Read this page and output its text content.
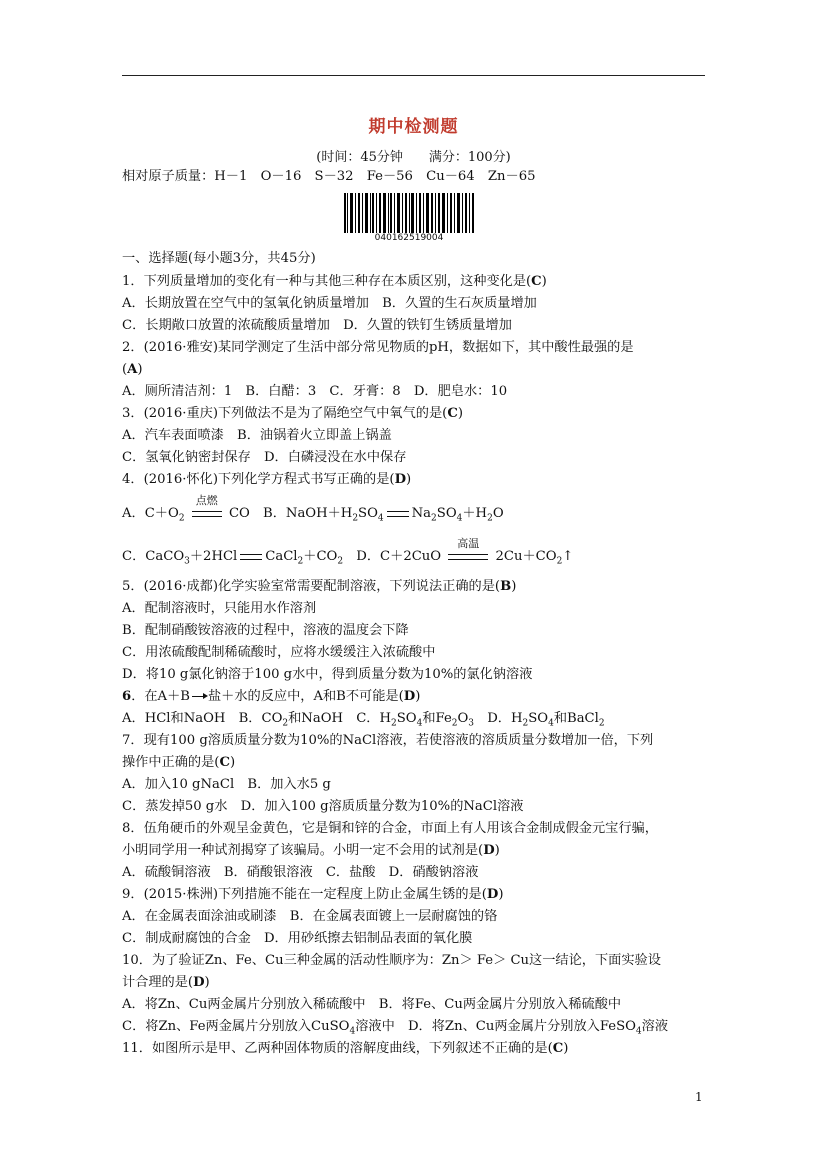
期中检测题
(时间：45分钟　　满分：100分)
相对原子质量：H－1　O－16　S－32　Fe－56　Cu－64　Zn－65
040162519004
一、选择题(每小题3分，共45分)
1．下列质量增加的变化有一种与其他三种存在本质区别，这种变化是(C)
A．长期放置在空气中的氢氧化钠质量增加　B．久置的生石灰质量增加
C．长期敞口放置的浓硫酸质量增加　D．久置的铁钉生锈质量增加
2．(2016·雅安)某同学测定了生活中部分常见物质的pH，数据如下，其中酸性最强的是
(A)
A．厕所清洁剂：1　B．白醋：3　C．牙膏：8　D．肥皂水：10
3．(2016·重庆)下列做法不是为了隔绝空气中氧气的是(C)
A．汽车表面喷漆　B．油锅着火立即盖上锅盖
C．氢氧化钠密封保存　D．白磷浸没在水中保存
4．(2016·怀化)下列化学方程式书写正确的是(D)
A．$C+O_2$
点燃
CO　B．$NaOH+H_2SO_4$ $Na_2SO_4+H_2O$
C．CaCO$_3$＋2HCl $CaCl_2+CO_2$　D．C＋2CuO
高温
$2Cu+CO_2↑$
5．(2016·成都)化学实验室常需要配制溶液，下列说法正确的是(B)
A．配制溶液时，只能用水作溶剂
B．配制硝酸铵溶液的过程中，溶液的温度会下降
C．用浓硫酸配制稀硫酸时，应将水缓缓注入浓硫酸中
D．将10 g氯化钠溶于100 g水中，得到质量分数为10%的氯化钠溶液
6．在A＋B 盐＋水的反应中，A和B不可能是(D)
A．HCl和NaOH　B．$CO_2$和NaOH　C．$H_2SO_4$和$Fe_2O_3$　D．$H_2SO_4$和BaCl$_2$
7．现有100 g溶质质量分数为10%的NaCl溶液，若使溶液的溶质质量分数增加一倍，下列
操作中正确的是(C)
A．加入10 gNaCl　B．加入水5 g
C．蒸发掉50 g水　D．加入100 g溶质质量分数为10%的NaCl溶液
8．伍角硬币的外观呈金黄色，它是铜和锌的合金，市面上有人用该合金制成假金元宝行骗，
小明同学用一种试剂揭穿了该骗局。小明一定不会用的试剂是(D)
A．硫酸铜溶液　B．硝酸银溶液　C．盐酸　D．硝酸钠溶液
9．(2015·株洲)下列措施不能在一定程度上防止金属生锈的是(D)
A．在金属表面涂油或刷漆　B．在金属表面镀上一层耐腐蚀的铬
C．制成耐腐蚀的合金　D．用砂纸擦去铝制品表面的氧化膜
10．为了验证Zn、Fe、Cu三种金属的活动性顺序为：Zn＞ Fe＞ Cu这一结论，下面实验设
计合理的是(D)
A．将Zn、Cu两金属片分别放入稀硫酸中　B．将Fe、Cu两金属片分别放入稀硫酸中
C．将Zn、Fe两金属片分别放入CuSO$_4$溶液中　D．将Zn、Cu两金属片分别放入FeSO$_4$溶液
11．如图所示是甲、乙两种固体物质的溶解度曲线，下列叙述不正确的是(C)
1
